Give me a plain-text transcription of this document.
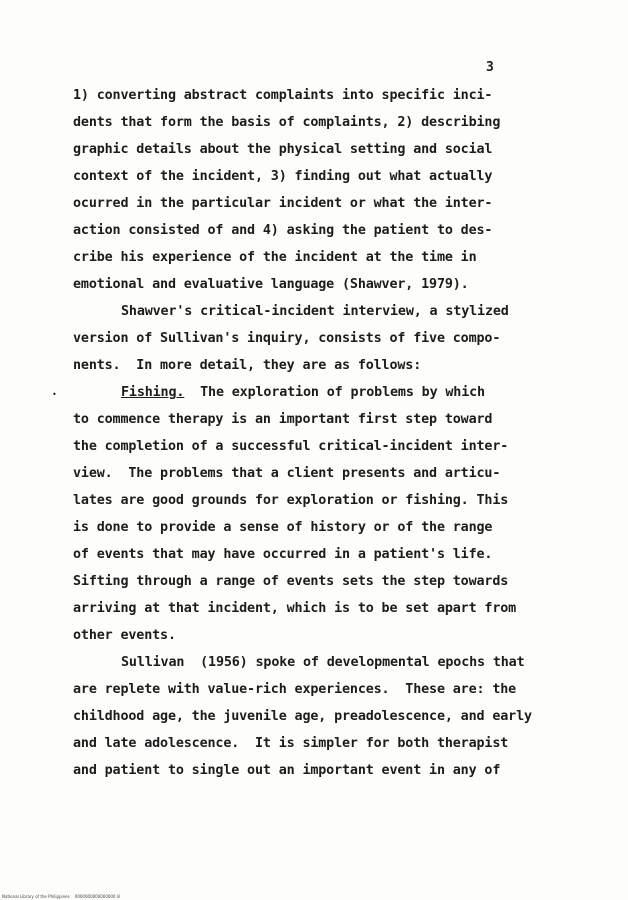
3
•
1) converting abstract complaints into specific inci-
dents that form the basis of complaints, 2) describing
graphic details about the physical setting and social
context of the incident, 3) finding out what actually
ocurred in the particular incident or what the inter-
action consisted of and 4) asking the patient to des-
cribe his experience of the incident at the time in
emotional and evaluative language (Shawver, 1979).
Shawver's critical-incident interview, a stylized
version of Sullivan's inquiry, consists of five compo-
nents.  In more detail, they are as follows:
Fishing. The exploration of problems by which
to commence therapy is an important first step toward
the completion of a successful critical-incident inter-
view.  The problems that a client presents and articu-
lates are good grounds for exploration or fishing. This
is done to provide a sense of history or of the range
of events that may have occurred in a patient's life.
Sifting through a range of events sets the step towards
arriving at that incident, which is to be set apart from
other events.
Sullivan  (1956) spoke of developmental epochs that
are replete with value-rich experiences.  These are: the
childhood age, the juvenile age, preadolescence, and early
and late adolescence.  It is simpler for both therapist
and patient to single out an important event in any of
National Library of the Philippines    0000000000000000 lil
